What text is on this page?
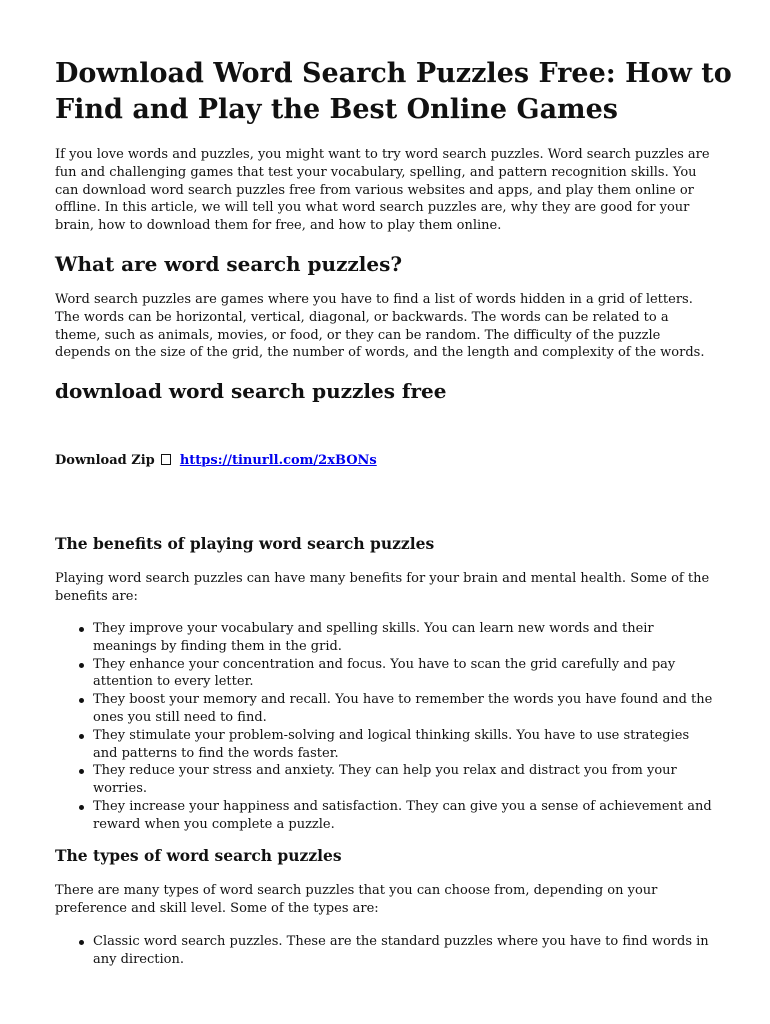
Download Word Search Puzzles Free: How to Find and Play the Best Online Games

If you love words and puzzles, you might want to try word search puzzles. Word search puzzles are fun and challenging games that test your vocabulary, spelling, and pattern recognition skills. You can download word search puzzles free from various websites and apps, and play them online or offline. In this article, we will tell you what word search puzzles are, why they are good for your brain, how to download them for free, and how to play them online.

What are word search puzzles?

Word search puzzles are games where you have to find a list of words hidden in a grid of letters. The words can be horizontal, vertical, diagonal, or backwards. The words can be related to a theme, such as animals, movies, or food, or they can be random. The difficulty of the puzzle depends on the size of the grid, the number of words, and the length and complexity of the words.

download word search puzzles free
Download Zip https://tinurll.com/2xBONs
The benefits of playing word search puzzles

Playing word search puzzles can have many benefits for your brain and mental health. Some of the benefits are:

They improve your vocabulary and spelling skills. You can learn new words and their meanings by finding them in the grid.
They enhance your concentration and focus. You have to scan the grid carefully and pay attention to every letter.
They boost your memory and recall. You have to remember the words you have found and the ones you still need to find.
They stimulate your problem-solving and logical thinking skills. You have to use strategies and patterns to find the words faster.
They reduce your stress and anxiety. They can help you relax and distract you from your worries.
They increase your happiness and satisfaction. They can give you a sense of achievement and reward when you complete a puzzle.
The types of word search puzzles

There are many types of word search puzzles that you can choose from, depending on your preference and skill level. Some of the types are:

Classic word search puzzles. These are the standard puzzles where you have to find words in any direction.
